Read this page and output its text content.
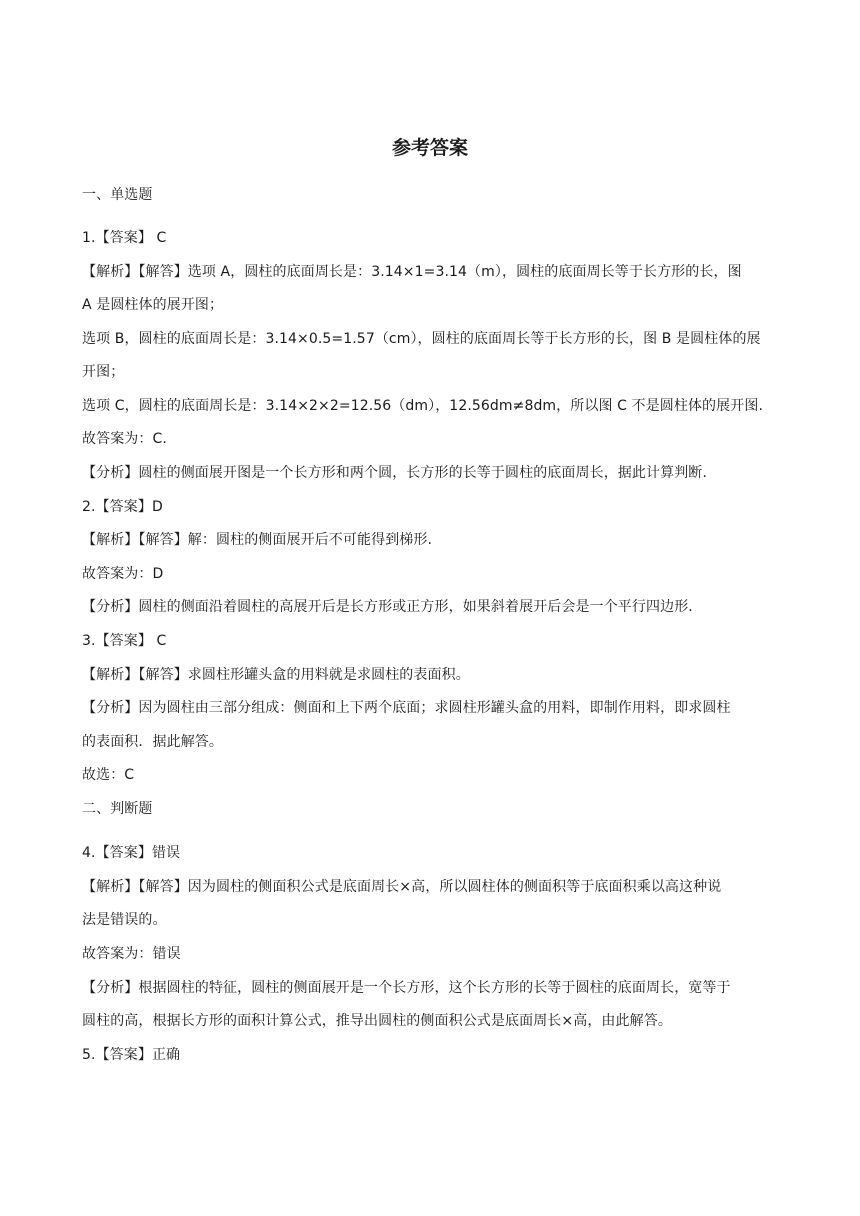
参考答案
一、单选题
1.【答案】 C
【解析】【解答】选项 A，圆柱的底面周长是：3.14×1=3.14（m），圆柱的底面周长等于长方形的长，图
A 是圆柱体的展开图；
选项 B，圆柱的底面周长是：3.14×0.5=1.57（cm），圆柱的底面周长等于长方形的长，图 B 是圆柱体的展
开图；
选项 C，圆柱的底面周长是：3.14×2×2=12.56（dm），12.56dm≠8dm，所以图 C 不是圆柱体的展开图.
故答案为：C.
【分析】圆柱的侧面展开图是一个长方形和两个圆，长方形的长等于圆柱的底面周长，据此计算判断.
2.【答案】D
【解析】【解答】解：圆柱的侧面展开后不可能得到梯形.
故答案为：D
【分析】圆柱的侧面沿着圆柱的高展开后是长方形或正方形，如果斜着展开后会是一个平行四边形.
3.【答案】 C
【解析】【解答】求圆柱形罐头盒的用料就是求圆柱的表面积。
【分析】因为圆柱由三部分组成：侧面和上下两个底面；求圆柱形罐头盒的用料，即制作用料，即求圆柱
的表面积．据此解答。
故选：C
二、判断题
4.【答案】错误
【解析】【解答】因为圆柱的侧面积公式是底面周长×高，所以圆柱体的侧面积等于底面积乘以高这种说
法是错误的。
故答案为：错误
【分析】根据圆柱的特征，圆柱的侧面展开是一个长方形，这个长方形的长等于圆柱的底面周长，宽等于
圆柱的高，根据长方形的面积计算公式，推导出圆柱的侧面积公式是底面周长×高，由此解答。
5.【答案】正确
